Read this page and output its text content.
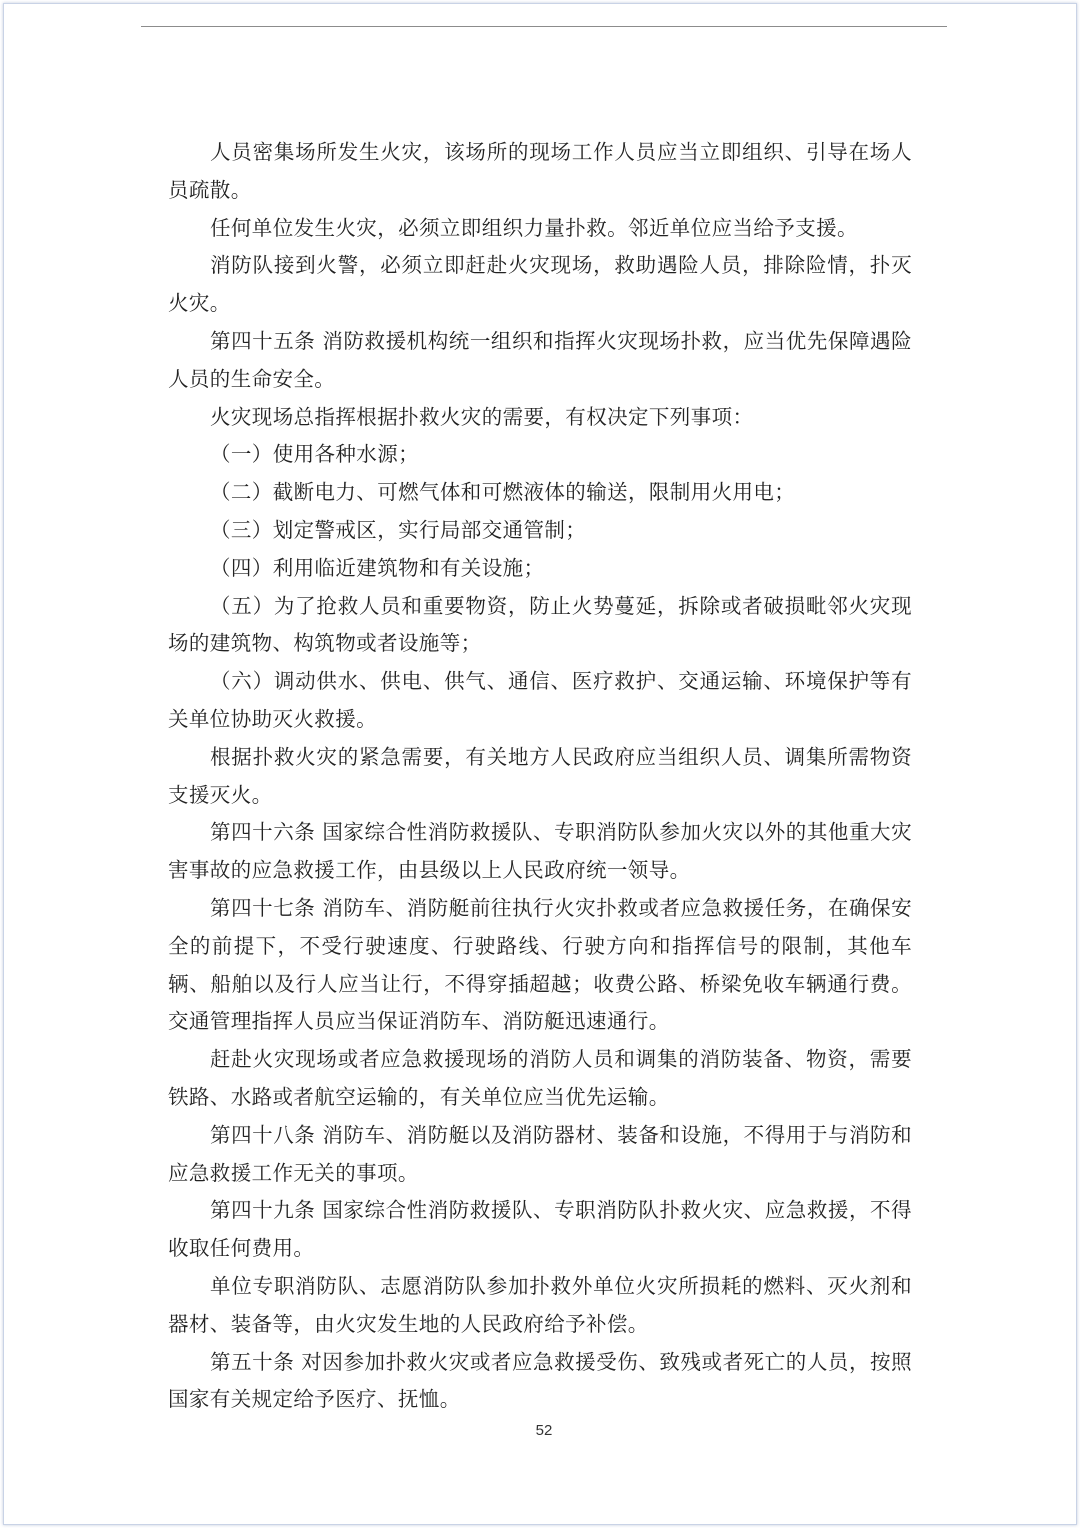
人员密集场所发生火灾，该场所的现场工作人员应当立即组织、引导在场人员疏散。

任何单位发生火灾，必须立即组织力量扑救。邻近单位应当给予支援。

消防队接到火警，必须立即赶赴火灾现场，救助遇险人员，排除险情，扑灭火灾。

第四十五条 消防救援机构统一组织和指挥火灾现场扑救，应当优先保障遇险人员的生命安全。

火灾现场总指挥根据扑救火灾的需要，有权决定下列事项：

（一）使用各种水源；

（二）截断电力、可燃气体和可燃液体的输送，限制用火用电；

（三）划定警戒区，实行局部交通管制；

（四）利用临近建筑物和有关设施；

（五）为了抢救人员和重要物资，防止火势蔓延，拆除或者破损毗邻火灾现场的建筑物、构筑物或者设施等；

（六）调动供水、供电、供气、通信、医疗救护、交通运输、环境保护等有关单位协助灭火救援。

根据扑救火灾的紧急需要，有关地方人民政府应当组织人员、调集所需物资支援灭火。

第四十六条 国家综合性消防救援队、专职消防队参加火灾以外的其他重大灾害事故的应急救援工作，由县级以上人民政府统一领导。

第四十七条 消防车、消防艇前往执行火灾扑救或者应急救援任务，在确保安全的前提下，不受行驶速度、行驶路线、行驶方向和指挥信号的限制，其他车辆、船舶以及行人应当让行，不得穿插超越；收费公路、桥梁免收车辆通行费。交通管理指挥人员应当保证消防车、消防艇迅速通行。

赶赴火灾现场或者应急救援现场的消防人员和调集的消防装备、物资，需要铁路、水路或者航空运输的，有关单位应当优先运输。

第四十八条 消防车、消防艇以及消防器材、装备和设施，不得用于与消防和应急救援工作无关的事项。

第四十九条 国家综合性消防救援队、专职消防队扑救火灾、应急救援，不得收取任何费用。

单位专职消防队、志愿消防队参加扑救外单位火灾所损耗的燃料、灭火剂和器材、装备等，由火灾发生地的人民政府给予补偿。

第五十条 对因参加扑救火灾或者应急救援受伤、致残或者死亡的人员，按照国家有关规定给予医疗、抚恤。

52
